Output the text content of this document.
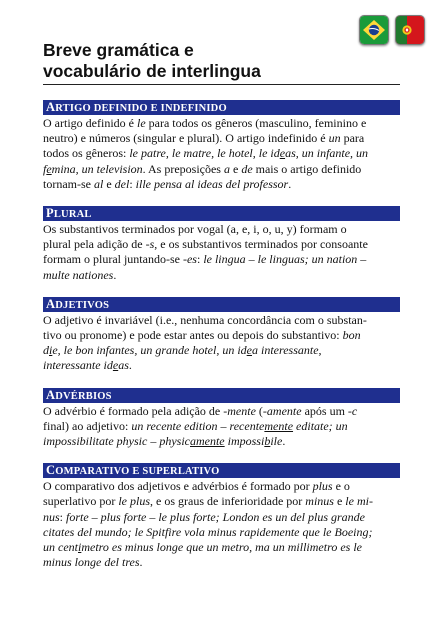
Breve gramática e
vocabulário de interlingua
ARTIGO DEFINIDO E INDEFINIDO
O artigo definido é le para todos os gêneros (masculino, feminino e
neutro) e números (singular e plural). O artigo indefinido é un para
todos os gêneros: le patre, le matre, le hotel, le ideas, un infante, un
femina, un television. As preposições a e de mais o artigo definido
tornam-se al e del: ille pensa al ideas del professor.
PLURAL
Os substantivos terminados por vogal (a, e, i, o, u, y) formam o
plural pela adição de -s, e os substantivos terminados por consoante
formam o plural juntando-se -es: le lingua – le linguas; un nation –
multe nationes.
ADJETIVOS
O adjetivo é invariável (i.e., nenhuma concordância com o substan-
tivo ou pronome) e pode estar antes ou depois do substantivo: bon
die, le bon infantes, un grande hotel, un idea interessante,
interessante ideas.
ADVÉRBIOS
O advérbio é formado pela adição de -mente (-amente após um -c
final) ao adjetivo: un recente edition – recentemente editate; un
impossibilitate physic – physicamente impossibile.
COMPARATIVO E SUPERLATIVO
O comparativo dos adjetivos e advérbios é formado por plus e o
superlativo por le plus, e os graus de inferioridade por minus e le mi-
nus: forte – plus forte – le plus forte; London es un del plus grande
citates del mundo; le Spitfire vola minus rapidemente que le Boeing;
un centimetro es minus longe que un metro, ma un millimetro es le
minus longe del tres.
